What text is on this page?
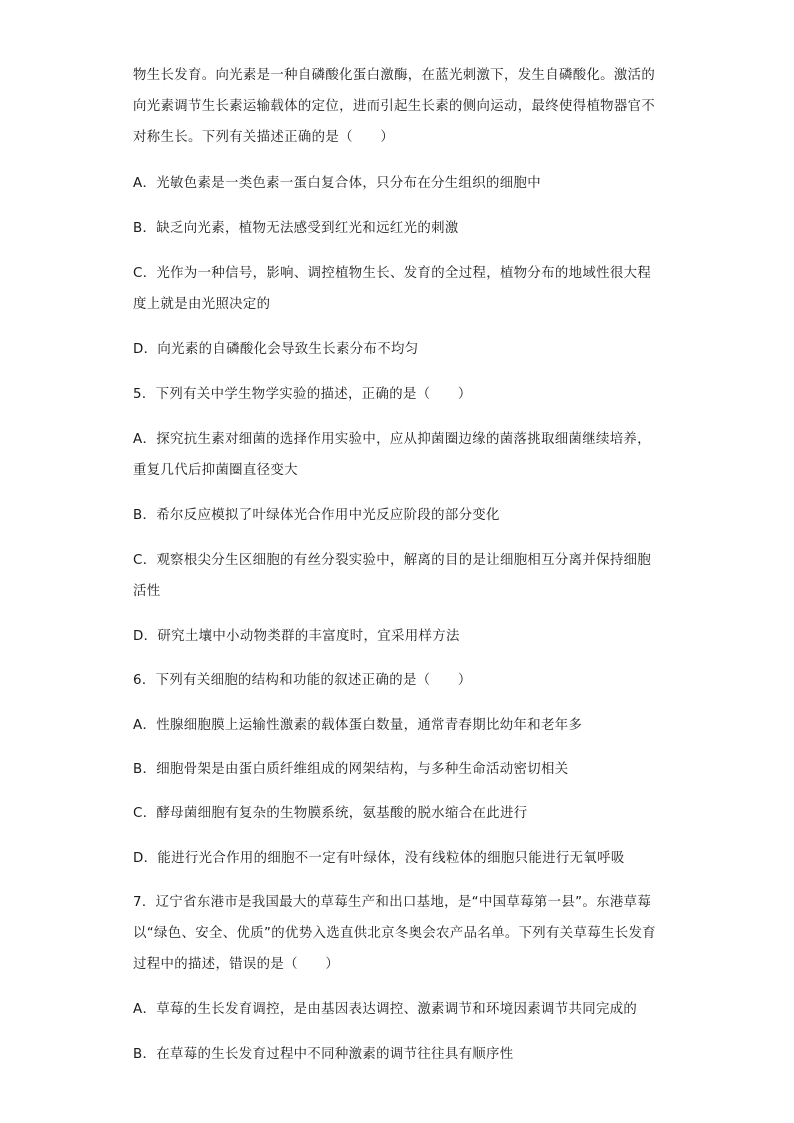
物生长发育。向光素是一种自磷酸化蛋白激酶，在蓝光刺激下，发生自磷酸化。激活的
向光素调节生长素运输载体的定位，进而引起生长素的侧向运动，最终使得植物器官不
对称生长。下列有关描述正确的是（　　）
A．光敏色素是一类色素一蛋白复合体，只分布在分生组织的细胞中
B．缺乏向光素，植物无法感受到红光和远红光的刺激
C．光作为一种信号，影响、调控植物生长、发育的全过程，植物分布的地域性很大程
度上就是由光照决定的
D．向光素的自磷酸化会导致生长素分布不均匀
5．下列有关中学生物学实验的描述，正确的是（　　）
A．探究抗生素对细菌的选择作用实验中，应从抑菌圈边缘的菌落挑取细菌继续培养，
重复几代后抑菌圈直径变大
B．希尔反应模拟了叶绿体光合作用中光反应阶段的部分变化
C．观察根尖分生区细胞的有丝分裂实验中，解离的目的是让细胞相互分离并保持细胞
活性
D．研究土壤中小动物类群的丰富度时，宜采用样方法
6．下列有关细胞的结构和功能的叙述正确的是（　　）
A．性腺细胞膜上运输性激素的载体蛋白数量，通常青春期比幼年和老年多
B．细胞骨架是由蛋白质纤维组成的网架结构，与多种生命活动密切相关
C．酵母菌细胞有复杂的生物膜系统，氨基酸的脱水缩合在此进行
D．能进行光合作用的细胞不一定有叶绿体，没有线粒体的细胞只能进行无氧呼吸
7．辽宁省东港市是我国最大的草莓生产和出口基地，是“中国草莓第一县”。东港草莓
以“绿色、安全、优质”的优势入选直供北京冬奥会农产品名单。下列有关草莓生长发育
过程中的描述，错误的是（　　）
A．草莓的生长发育调控，是由基因表达调控、激素调节和环境因素调节共同完成的
B．在草莓的生长发育过程中不同种激素的调节往往具有顺序性
